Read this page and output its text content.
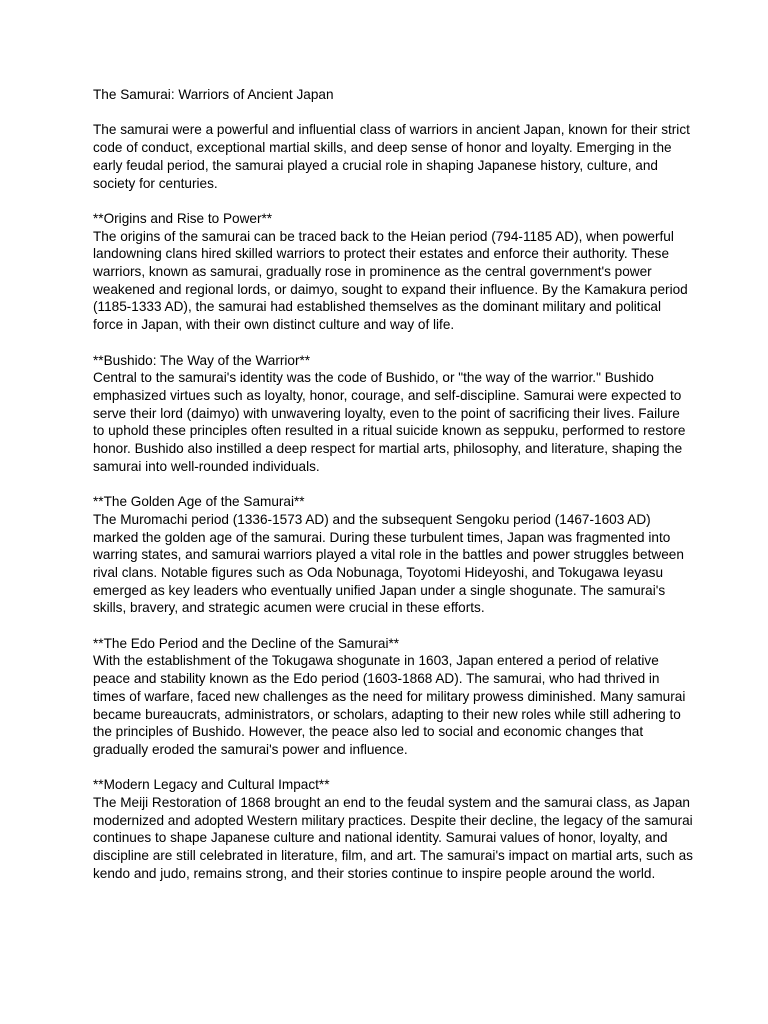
The Samurai: Warriors of Ancient Japan
The samurai were a powerful and influential class of warriors in ancient Japan, known for their strict code of conduct, exceptional martial skills, and deep sense of honor and loyalty. Emerging in the early feudal period, the samurai played a crucial role in shaping Japanese history, culture, and society for centuries.
**Origins and Rise to Power**
The origins of the samurai can be traced back to the Heian period (794-1185 AD), when powerful landowning clans hired skilled warriors to protect their estates and enforce their authority. These warriors, known as samurai, gradually rose in prominence as the central government's power weakened and regional lords, or daimyo, sought to expand their influence. By the Kamakura period (1185-1333 AD), the samurai had established themselves as the dominant military and political force in Japan, with their own distinct culture and way of life.
**Bushido: The Way of the Warrior**
Central to the samurai's identity was the code of Bushido, or "the way of the warrior." Bushido emphasized virtues such as loyalty, honor, courage, and self-discipline. Samurai were expected to serve their lord (daimyo) with unwavering loyalty, even to the point of sacrificing their lives. Failure to uphold these principles often resulted in a ritual suicide known as seppuku, performed to restore honor. Bushido also instilled a deep respect for martial arts, philosophy, and literature, shaping the samurai into well-rounded individuals.
**The Golden Age of the Samurai**
The Muromachi period (1336-1573 AD) and the subsequent Sengoku period (1467-1603 AD) marked the golden age of the samurai. During these turbulent times, Japan was fragmented into warring states, and samurai warriors played a vital role in the battles and power struggles between rival clans. Notable figures such as Oda Nobunaga, Toyotomi Hideyoshi, and Tokugawa Ieyasu emerged as key leaders who eventually unified Japan under a single shogunate. The samurai's skills, bravery, and strategic acumen were crucial in these efforts.
**The Edo Period and the Decline of the Samurai**
With the establishment of the Tokugawa shogunate in 1603, Japan entered a period of relative peace and stability known as the Edo period (1603-1868 AD). The samurai, who had thrived in times of warfare, faced new challenges as the need for military prowess diminished. Many samurai became bureaucrats, administrators, or scholars, adapting to their new roles while still adhering to the principles of Bushido. However, the peace also led to social and economic changes that gradually eroded the samurai's power and influence.
**Modern Legacy and Cultural Impact**
The Meiji Restoration of 1868 brought an end to the feudal system and the samurai class, as Japan modernized and adopted Western military practices. Despite their decline, the legacy of the samurai continues to shape Japanese culture and national identity. Samurai values of honor, loyalty, and discipline are still celebrated in literature, film, and art. The samurai's impact on martial arts, such as kendo and judo, remains strong, and their stories continue to inspire people around the world.
